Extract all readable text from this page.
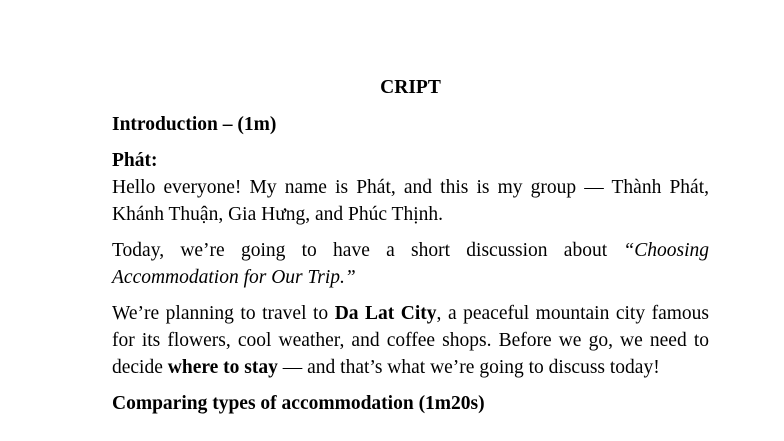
CRIPT
Introduction – (1m)
Phát:

Hello everyone! My name is Phát, and this is my group — Thành Phát, Khánh Thuận, Gia Hưng, and Phúc Thịnh.

Today, we’re going to have a short discussion about “Choosing Accommodation for Our Trip.”

We’re planning to travel to Da Lat City, a peaceful mountain city famous for its flowers, cool weather, and coffee shops. Before we go, we need to decide where to stay — and that’s what we’re going to discuss today!

Comparing types of accommodation (1m20s)
